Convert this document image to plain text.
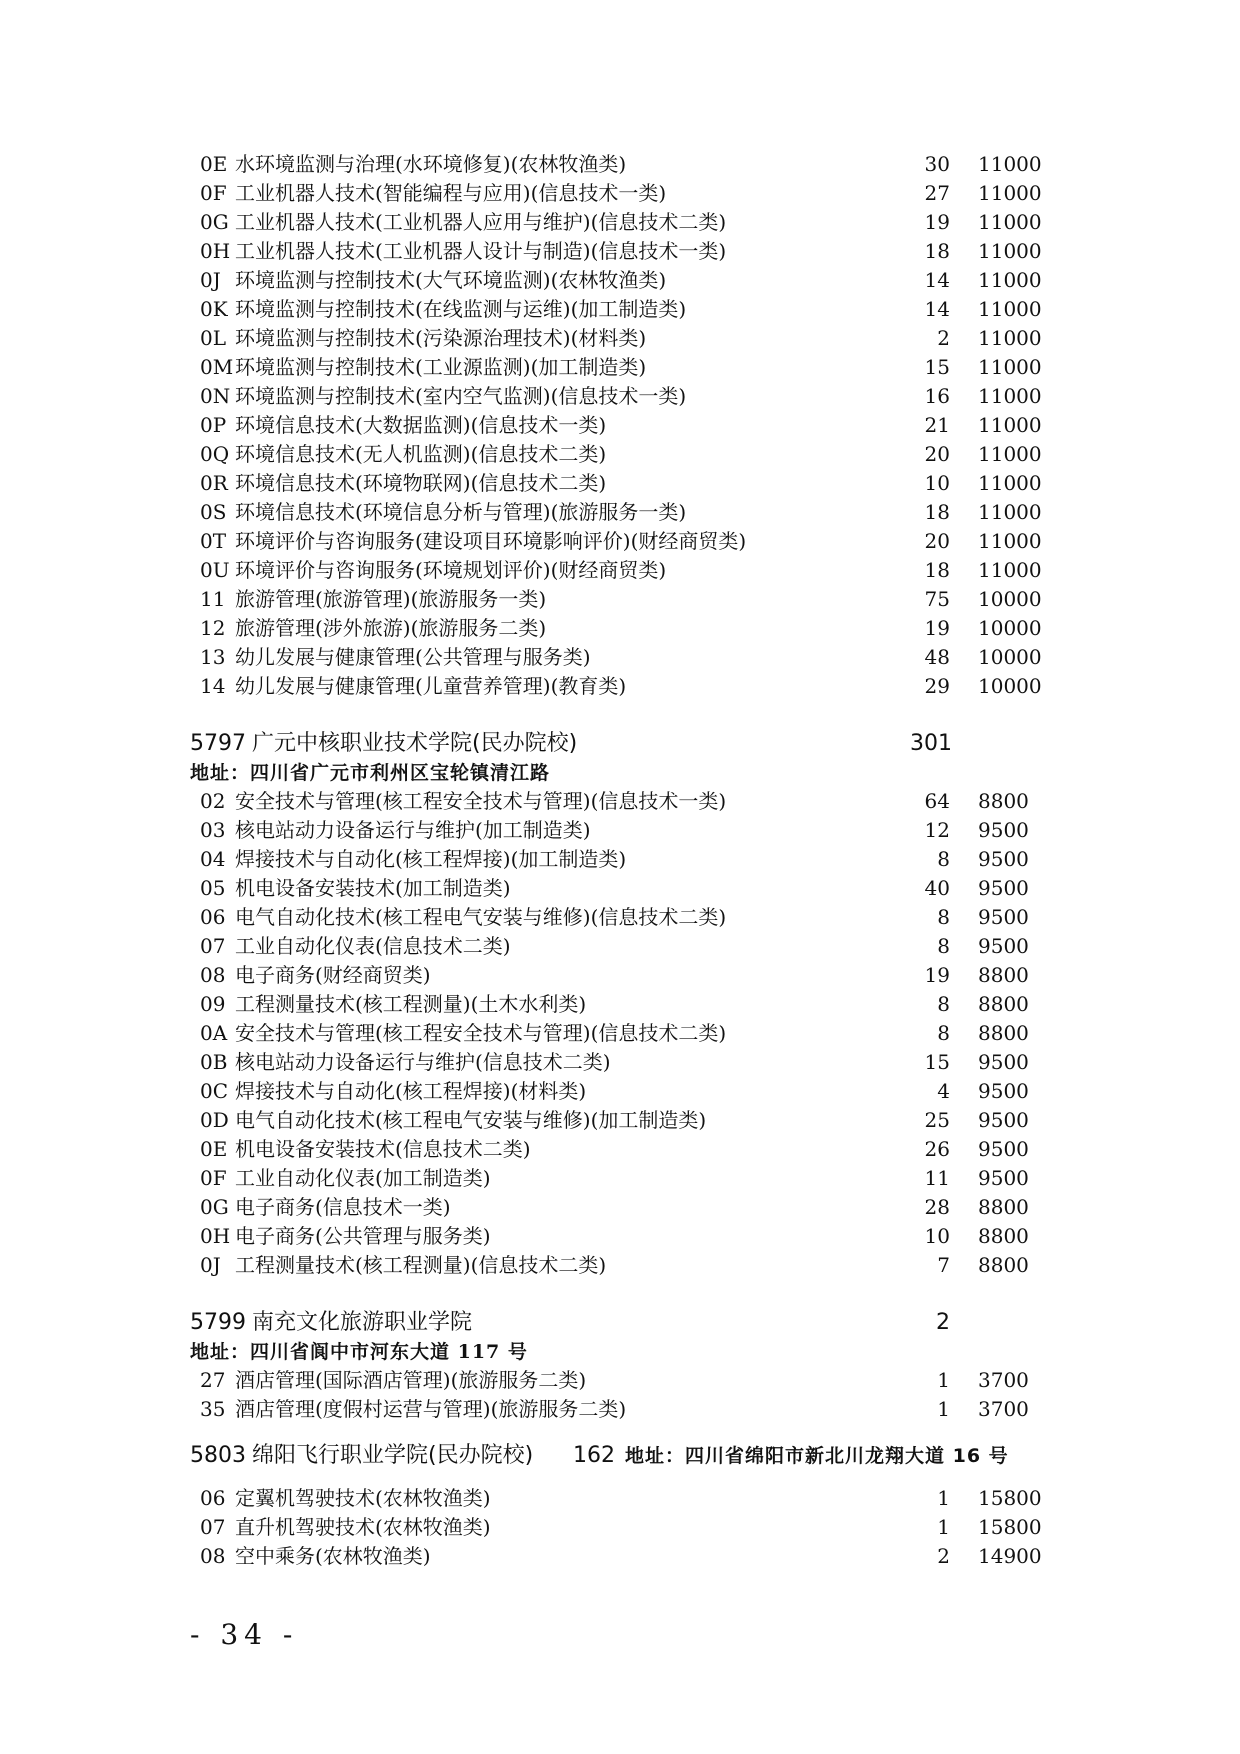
0E 水环境监测与治理(水环境修复)(农林牧渔类)	30 11000
0F 工业机器人技术(智能编程与应用)(信息技术一类)	27 11000
0G 工业机器人技术(工业机器人应用与维护)(信息技术二类)	19 11000
0H 工业机器人技术(工业机器人设计与制造)(信息技术一类)	18 11000
0J 环境监测与控制技术(大气环境监测)(农林牧渔类)	14 11000
0K 环境监测与控制技术(在线监测与运维)(加工制造类)	14 11000
0L 环境监测与控制技术(污染源治理技术)(材料类)	2 11000
0M 环境监测与控制技术(工业源监测)(加工制造类)	15 11000
0N 环境监测与控制技术(室内空气监测)(信息技术一类)	16 11000
0P 环境信息技术(大数据监测)(信息技术一类)	21 11000
0Q 环境信息技术(无人机监测)(信息技术二类)	20 11000
0R 环境信息技术(环境物联网)(信息技术二类)	10 11000
0S 环境信息技术(环境信息分析与管理)(旅游服务一类)	18 11000
0T 环境评价与咨询服务(建设项目环境影响评价)(财经商贸类)	20 11000
0U 环境评价与咨询服务(环境规划评价)(财经商贸类)	18 11000
11 旅游管理(旅游管理)(旅游服务一类)	75 10000
12 旅游管理(涉外旅游)(旅游服务二类)	19 10000
13 幼儿发展与健康管理(公共管理与服务类)	48 10000
14 幼儿发展与健康管理(儿童营养管理)(教育类)	29 10000
5797 广元中核职业技术学院(民办院校)	301
地址：四川省广元市利州区宝轮镇清江路
02 安全技术与管理(核工程安全技术与管理)(信息技术一类)	64 8800
03 核电站动力设备运行与维护(加工制造类)	12 9500
04 焊接技术与自动化(核工程焊接)(加工制造类)	8 9500
05 机电设备安装技术(加工制造类)	40 9500
06 电气自动化技术(核工程电气安装与维修)(信息技术二类)	8 9500
07 工业自动化仪表(信息技术二类)	8 9500
08 电子商务(财经商贸类)	19 8800
09 工程测量技术(核工程测量)(土木水利类)	8 8800
0A 安全技术与管理(核工程安全技术与管理)(信息技术二类)	8 8800
0B 核电站动力设备运行与维护(信息技术二类)	15 9500
0C 焊接技术与自动化(核工程焊接)(材料类)	4 9500
0D 电气自动化技术(核工程电气安装与维修)(加工制造类)	25 9500
0E 机电设备安装技术(信息技术二类)	26 9500
0F 工业自动化仪表(加工制造类)	11 9500
0G 电子商务(信息技术一类)	28 8800
0H 电子商务(公共管理与服务类)	10 8800
0J 工程测量技术(核工程测量)(信息技术二类)	7 8800
5799 南充文化旅游职业学院	2
地址：四川省阆中市河东大道 117 号
27 酒店管理(国际酒店管理)(旅游服务二类)	1 3700
35 酒店管理(度假村运营与管理)(旅游服务二类)	1 3700
5803 绵阳飞行职业学院(民办院校) 162 地址：四川省绵阳市新北川龙翔大道 16 号
06 定翼机驾驶技术(农林牧渔类)	1 15800
07 直升机驾驶技术(农林牧渔类)	1 15800
08 空中乘务(农林牧渔类)	2 14900
- 34 -
